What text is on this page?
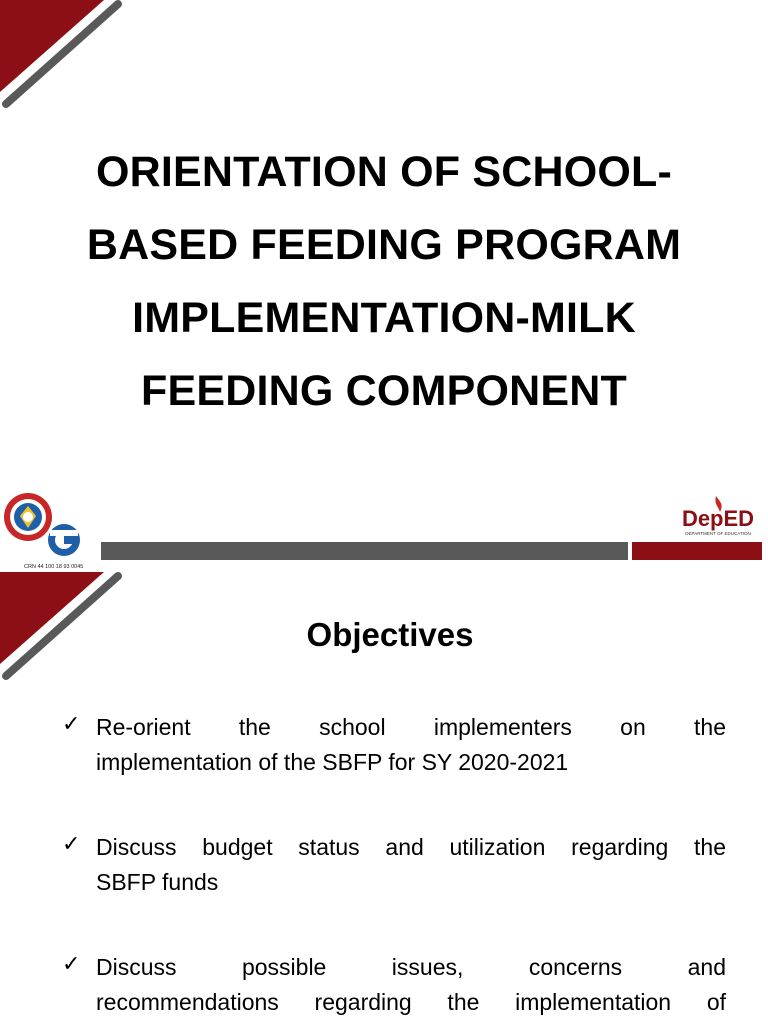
ORIENTATION OF SCHOOL-
BASED FEEDING PROGRAM
IMPLEMENTATION-MILK
FEEDING COMPONENT
CRN 44 100 18 93 0045
DepED
DEPARTMENT OF EDUCATION
Objectives
✓ Re-orient the school implementers on the
implementation of the SBFP for SY 2020-2021
✓ Discuss budget status and utilization regarding the
SBFP funds
✓ Discuss possible issues, concerns and
recommendations regarding the implementation of
